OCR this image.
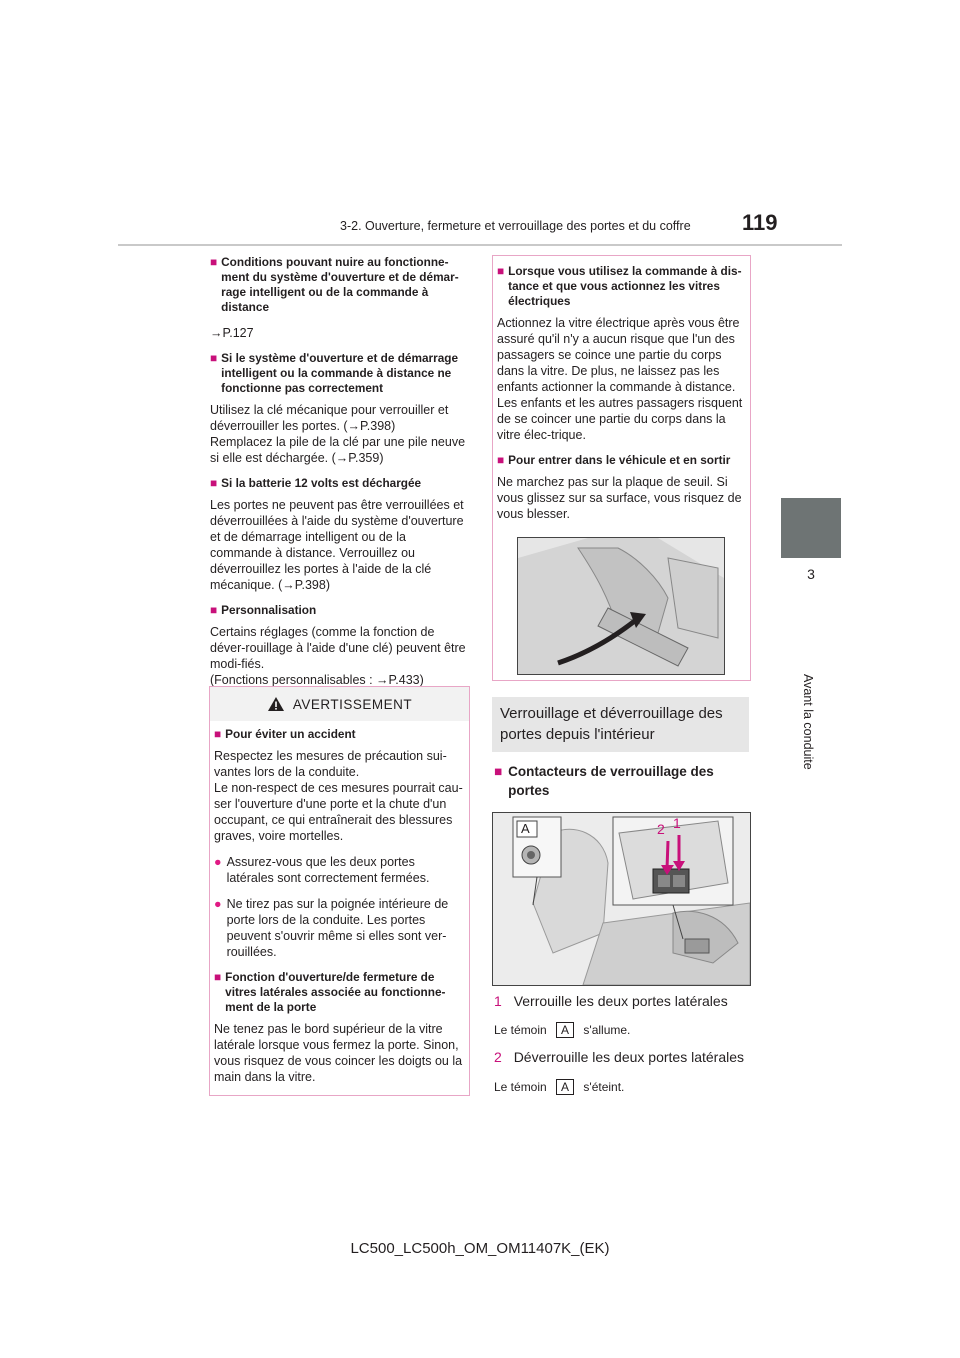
3-2. Ouverture, fermeture et verrouillage des portes et du coffre 119
3
Avant la conduite
■ Conditions pouvant nuire au fonctionne-ment du système d'ouverture et de démar-rage intelligent ou de la commande à distance
→P.127
■ Si le système d'ouverture et de démarrage intelligent ou la commande à distance ne fonctionne pas correctement
Utilisez la clé mécanique pour verrouiller et déverrouiller les portes. (→P.398)
Remplacez la pile de la clé par une pile neuve si elle est déchargée. (→P.359)
■ Si la batterie 12 volts est déchargée
Les portes ne peuvent pas être verrouillées et déverrouillées à l'aide du système d'ouverture et de démarrage intelligent ou de la commande à distance. Verrouillez ou déverrouillez les portes à l'aide de la clé mécanique. (→P.398)
■ Personnalisation
Certains réglages (comme la fonction de déver-rouillage à l'aide d'une clé) peuvent être modi-fiés.
(Fonctions personnalisables : →P.433)
AVERTISSEMENT
■ Pour éviter un accident
Respectez les mesures de précaution sui-vantes lors de la conduite.
Le non-respect de ces mesures pourrait cau-ser l'ouverture d'une porte et la chute d'un occupant, ce qui entraînerait des blessures graves, voire mortelles.
● Assurez-vous que les deux portes latérales sont correctement fermées.
● Ne tirez pas sur la poignée intérieure de porte lors de la conduite. Les portes peuvent s'ouvrir même si elles sont ver-rouillées.
■ Fonction d'ouverture/de fermeture de vitres latérales associée au fonctionne-ment de la porte
Ne tenez pas le bord supérieur de la vitre latérale lorsque vous fermez la porte. Sinon, vous risquez de vous coincer les doigts ou la main dans la vitre.
■ Lorsque vous utilisez la commande à dis-tance et que vous actionnez les vitres électriques
Actionnez la vitre électrique après vous être assuré qu'il n'y a aucun risque que l'un des passagers se coince une partie du corps dans la vitre. De plus, ne laissez pas les enfants actionner la commande à distance. Les enfants et les autres passagers risquent de se coincer une partie du corps dans la vitre élec-trique.
■ Pour entrer dans le véhicule et en sortir
Ne marchez pas sur la plaque de seuil. Si vous glissez sur sa surface, vous risquez de vous blesser.
Verrouillage et déverrouillage des portes depuis l'intérieur
■ Contacteurs de verrouillage des portes
A	2 1
1 Verrouille les deux portes latérales
Le témoin A s'allume.
2 Déverrouille les deux portes latérales
Le témoin A s'éteint.
LC500_LC500h_OM_OM11407K_(EK)
